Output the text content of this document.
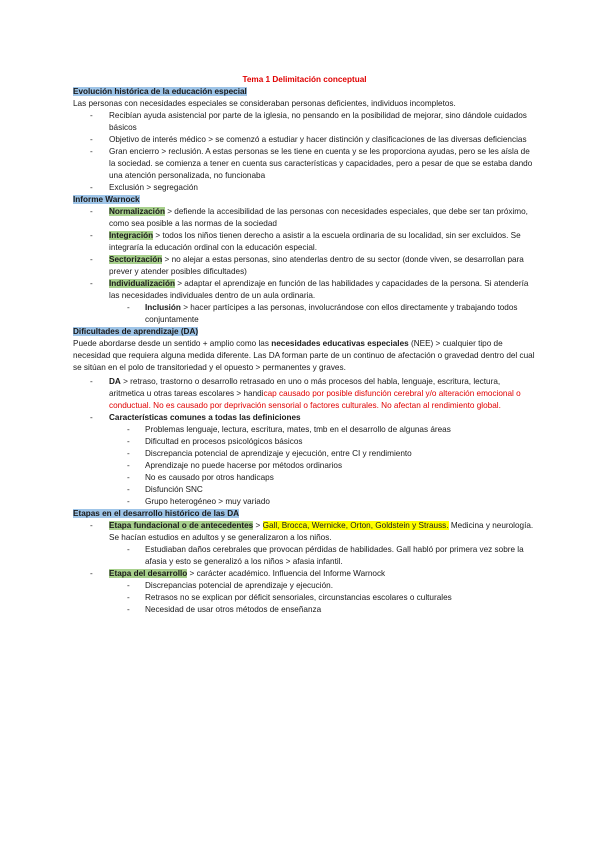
Tema 1 Delimitación conceptual

Evolución histórica de la educación especial

Las personas con necesidades especiales se consideraban personas deficientes, individuos incompletos.

- Recibían ayuda asistencial por parte de la iglesia, no pensando en la posibilidad de mejorar, sino dándole cuidados básicos
- Objetivo de interés médico > se comenzó a estudiar y hacer distinción y clasificaciones de las diversas deficiencias
- Gran encierro > reclusión. A estas personas se les tiene en cuenta y se les proporciona ayudas, pero se les aísla de la sociedad. se comienza a tener en cuenta sus características y capacidades, pero a pesar de que se estaba dando una atención personalizada, no funcionaba
- Exclusión > segregación

Informe Warnock

- Normalización > defiende la accesibilidad de las personas con necesidades especiales, que debe ser tan próximo, como sea posible a las normas de la sociedad
- Integración > todos los niños tienen derecho a asistir a la escuela ordinaria de su localidad, sin ser excluidos. Se integraría la educación ordinal con la educación especial.
- Sectorización > no alejar a estas personas, sino atenderlas dentro de su sector (donde viven, se desarrollan para prever y atender posibles dificultades)
- Individualización > adaptar el aprendizaje en función de las habilidades y capacidades de la persona. Si atendería las necesidades individuales dentro de un aula ordinaria.
- Inclusión > hacer partícipes a las personas, involucrándose con ellos directamente y trabajando todos conjuntamente

Dificultades de aprendizaje (DA)

Puede abordarse desde un sentido + amplio como las necesidades educativas especiales (NEE) > cualquier tipo de necesidad que requiera alguna medida diferente. Las DA forman parte de un continuo de afectación o gravedad dentro del cual se sitúan en el polo de transitoriedad y el opuesto > permanentes y graves.

- DA > retraso, trastorno o desarrollo retrasado en uno o más procesos del habla, lenguaje, escritura, lectura, aritmetica u otras tareas escolares > handicap causado por posible disfunción cerebral y/o alteración emocional o conductual. No es causado por deprivación sensorial o factores culturales. No afectan al rendimiento global.
- Características comunes a todas las definiciones
- Problemas lenguaje, lectura, escritura, mates, tmb en el desarrollo de algunas áreas
- Dificultad en procesos psicológicos básicos
- Discrepancia potencial de aprendizaje y ejecución, entre CI y rendimiento
- Aprendizaje no puede hacerse por métodos ordinarios
- No es causado por otros handicaps
- Disfunción SNC
- Grupo heterogéneo > muy variado

Etapas en el desarrollo histórico de las DA

- Etapa fundacional o de antecedentes > Gall, Brocca, Wernicke, Orton, Goldstein y Strauss. Medicina y neurología. Se hacían estudios en adultos y se generalizaron a los niños.
- Estudiaban daños cerebrales que provocan pérdidas de habilidades. Gall habló por primera vez sobre la afasia y esto se generalizó a los niños > afasia infantil.
- Etapa del desarrollo > carácter académico. Influencia del Informe Warnock
- Discrepancias potencial de aprendizaje y ejecución.
- Retrasos no se explican por déficit sensoriales, circunstancias escolares o culturales
- Necesidad de usar otros métodos de enseñanza
